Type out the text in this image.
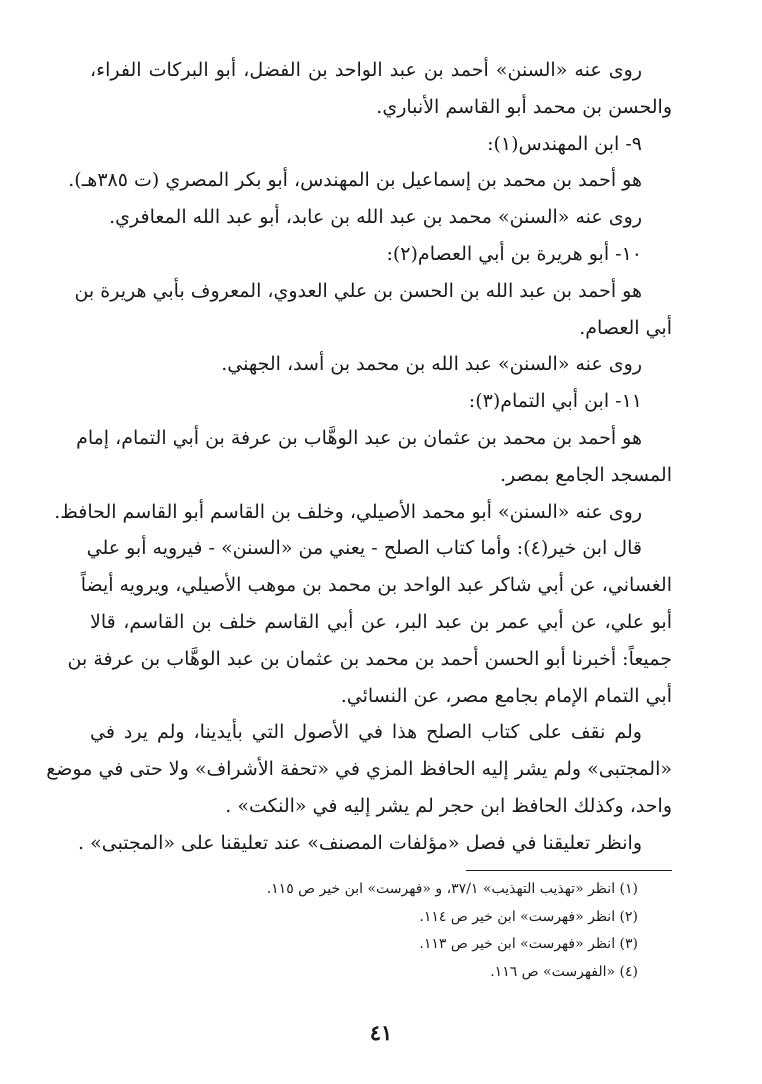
روى عنه «السنن» أحمد بن عبد الواحد بن الفضل، أبو البركات الفراء،
والحسن بن محمد أبو القاسم الأنباري.
٩- ابن المهندس(١):
هو أحمد بن محمد بن إسماعيل بن المهندس، أبو بكر المصري (ت ٣٨٥هـ).
روى عنه «السنن» محمد بن عبد الله بن عابد، أبو عبد الله المعافري.
١٠- أبو هريرة بن أبي العصام(٢):
هو أحمد بن عبد الله بن الحسن بن علي العدوي، المعروف بأبي هريرة بن
أبي العصام.
روى عنه «السنن» عبد الله بن محمد بن أسد، الجهني.
١١- ابن أبي التمام(٣):
هو أحمد بن محمد بن عثمان بن عبد الوهَّاب بن عرفة بن أبي التمام، إمام
المسجد الجامع بمصر.
روى عنه «السنن» أبو محمد الأصيلي، وخلف بن القاسم أبو القاسم الحافظ.
قال ابن خير(٤): وأما كتاب الصلح - يعني من «السنن» - فيرويه أبو علي
الغساني، عن أبي شاكر عبد الواحد بن محمد بن موهب الأصيلي، ويرويه أيضاً
أبو علي، عن أبي عمر بن عبد البر، عن أبي القاسم خلف بن القاسم، قالا
جميعاً: أخبرنا أبو الحسن أحمد بن محمد بن عثمان بن عبد الوهَّاب بن عرفة بن
أبي التمام الإمام بجامع مصر، عن النسائي.
ولم نقف على كتاب الصلح هذا في الأصول التي بأيدينا، ولم يرد في
«المجتبى» ولم يشر إليه الحافظ المزي في «تحفة الأشراف» ولا حتى في موضع
واحد، وكذلك الحافظ ابن حجر لم يشر إليه في «النكت» .
وانظر تعليقنا في فصل «مؤلفات المصنف» عند تعليقنا على «المجتبى» .
(١) انظر «تهذيب التهذيب» ٣٧/١، و «فهرست» ابن خير ص ١١٥.
(٢) انظر «فهرست» ابن خير ص ١١٤.
(٣) انظر «فهرست» ابن خير ص ١١٣.
(٤) «الفهرست» ص ١١٦.
٤١
